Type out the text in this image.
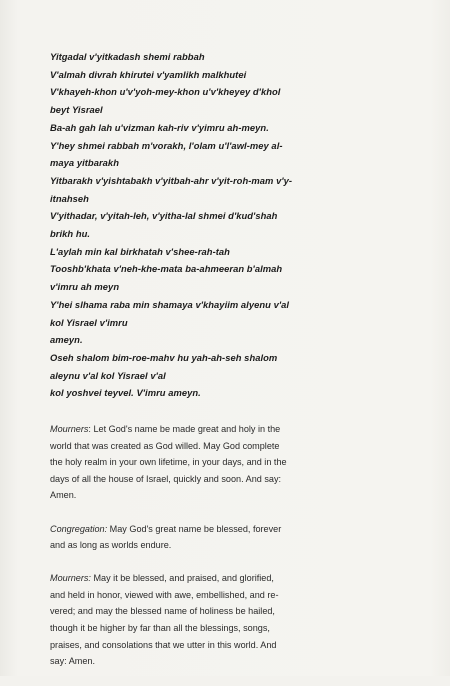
Yitgadal v'yitkadash shemi rabbah
V'almah divrah khirutei v'yamlikh malkhutei
V'khayeh-khon u'v'yoh-mey-khon u'v'kheyey d'khol
beyt Yisrael
Ba-ah gah lah u'vizman kah-riv v'yimru ah-meyn.
Y'hey shmei rabbah m'vorakh, l'olam u'l'awl-mey al-
maya yitbarakh
Yitbarakh v'yishtabakh v'yitbah-ahr v'yit-roh-mam v'y-
itnahseh
V'yithadar, v'yitah-leh, v'yitha-lal shmei d'kud'shah
brikh hu.
L'aylah min kal birkhatah v'shee-rah-tah
Tooshb'khata v'neh-khe-mata ba-ahmeeran b'almah
v'imru ah meyn
Y'hei slhama raba min shamaya v'khayiim alyenu v'al
kol Yisrael v'imru
ameyn.
Oseh shalom bim-roe-mahv hu yah-ah-seh shalom
aleynu v'al kol Yisrael v'al
kol yoshvei teyvel. V'imru ameyn.
Mourners: Let God's name be made great and holy in the
world that was created as God willed. May God complete
the holy realm in your own lifetime, in your days, and in the
days of all the house of Israel, quickly and soon. And say:
Amen.
Congregation: May God's great name be blessed, forever
and as long as worlds endure.
Mourners: May it be blessed, and praised, and glorified,
and held in honor, viewed with awe, embellished, and re-
vered; and may the blessed name of holiness be hailed,
though it be higher by far than all the blessings, songs,
praises, and consolations that we utter in this world. And
say: Amen.
